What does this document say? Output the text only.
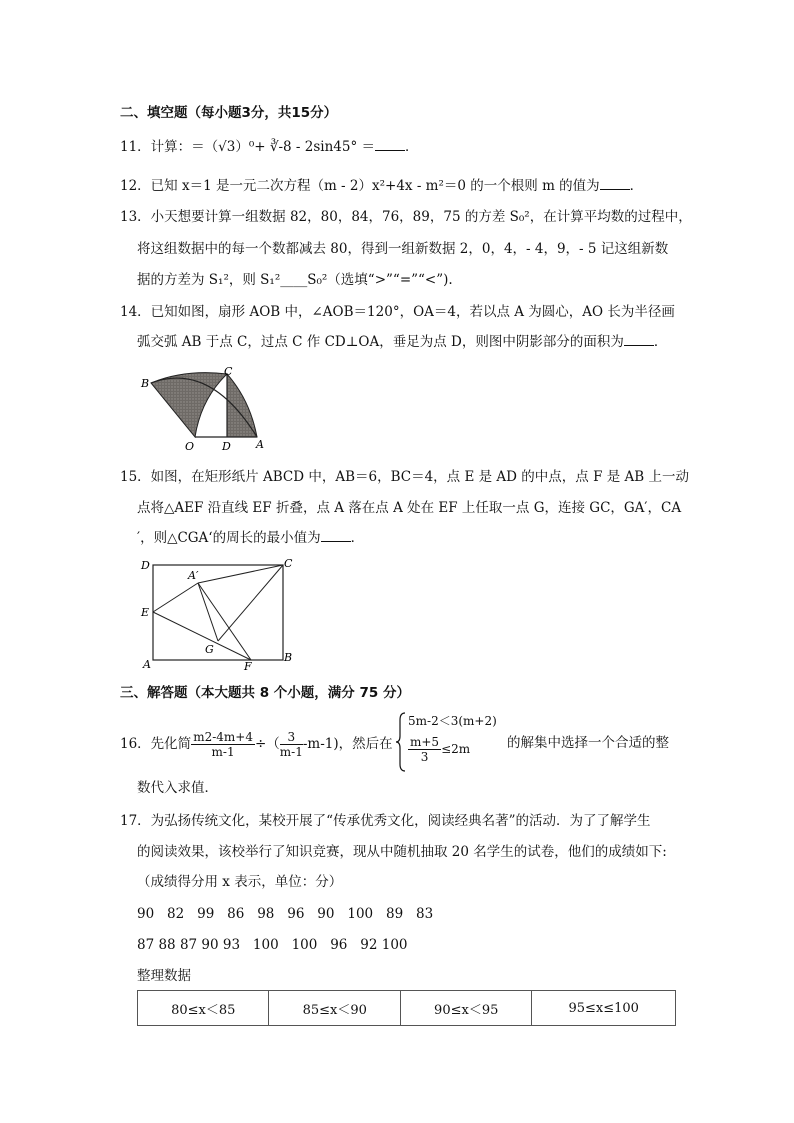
二、填空题（每小题3分，共15分）
11．计算：＝（√3）⁰+ ∛-8 - 2sin45° ＝ ．
12．已知 x＝1 是一元二次方程（m - 2）x²+4x - m²＝0 的一个根则 m 的值为 ．
13．小天想要计算一组数据 82，80，84，76，89，75 的方差 S₀²，在计算平均数的过程中，
将这组数据中的每一个数都减去 80，得到一组新数据 2，0，4，- 4，9，- 5 记这组新数
据的方差为 S₁²，则 S₁²____S₀²（选填“>”“=”“<”).
14．已知如图，扇形 AOB 中，∠AOB＝120°，OA＝4，若以点 A 为圆心，AO 长为半径画
弧交弧 AB 于点 C，过点 C 作 CD⊥OA，垂足为点 D，则图中阴影部分的面积为 ．
B
C
O	D A
15．如图，在矩形纸片 ABCD 中，AB＝6，BC＝4，点 E 是 AD 的中点，点 F 是 AB 上一动
点将△AEF 沿直线 EF 折叠，点 A 落在点 A 处在 EF 上任取一点 G，连接 GC，GA′，CA
′，则△CGA‘的周长的最小值为 ．
D
A′
C
E
G
A	F
B
三、解答题（本大题共 8 个小题，满分 75 分）
16．先化简 $\frac{m2-4m+4}{m-1}$ ÷（ $\frac{3}{m-1} -m-1$)，然后在
5m-2＜3(m+2)
$\frac{m+5}{3} \le 2m$	的解集中选择一个合适的整
数代入求值．
17．为弘扬传统文化，某校开展了“传承优秀文化，阅读经典名著”的活动．为了了解学生
的阅读效果，该校举行了知识竞赛，现从中随机抽取 20 名学生的试卷，他们的成绩如下:
（成绩得分用 x 表示，单位：分）
90   82   99   86   98   96   90   100   89   83
87 88 87 90 93   100   100   96   92 100
整理数据
80≤x＜85	85≤x＜90	90≤x＜95	95≤x≤100
